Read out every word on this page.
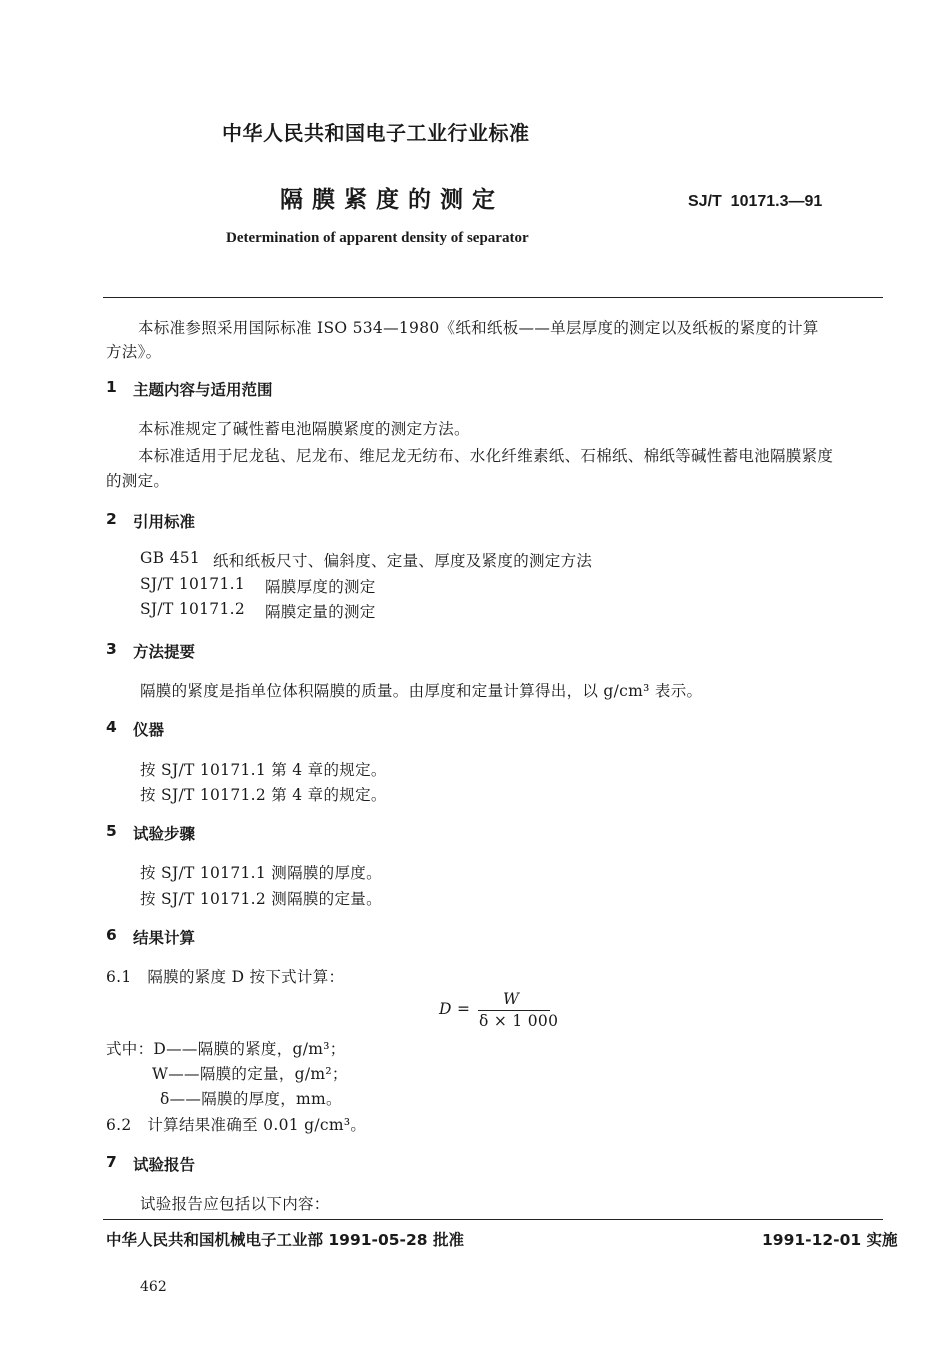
中华人民共和国电子工业行业标准
隔膜紧度的测定	SJ/T  10171.3—91
Determination of apparent density of separator
本标准参照采用国际标准 ISO 534—1980《纸和纸板——单层厚度的测定以及纸板的紧度的计算
方法》。
1 主题内容与适用范围
本标准规定了碱性蓄电池隔膜紧度的测定方法。
本标准适用于尼龙毡、尼龙布、维尼龙无纺布、水化纤维素纸、石棉纸、棉纸等碱性蓄电池隔膜紧度
的测定。
2 引用标准
GB 451 纸和纸板尺寸、偏斜度、定量、厚度及紧度的测定方法
SJ/T 10171.1 隔膜厚度的测定
SJ/T 10171.2 隔膜定量的测定
3 方法提要
隔膜的紧度是指单位体积隔膜的质量。由厚度和定量计算得出，以 g/cm³ 表示。
4 仪器
按 SJ/T 10171.1 第 4 章的规定。
按 SJ/T 10171.2 第 4 章的规定。
5 试验步骤
按 SJ/T 10171.1 测隔膜的厚度。
按 SJ/T 10171.2 测隔膜的定量。
6 结果计算
6.1　隔膜的紧度 D 按下式计算：
D =
W
δ × 1 000
式中：D——隔膜的紧度，g/m³；
W——隔膜的定量，g/m²；
δ——隔膜的厚度，mm。
6.2　计算结果准确至 0.01 g/cm³。
7 试验报告
试验报告应包括以下内容：
中华人民共和国机械电子工业部 1991-05-28 批准	1991-12-01 实施
462
